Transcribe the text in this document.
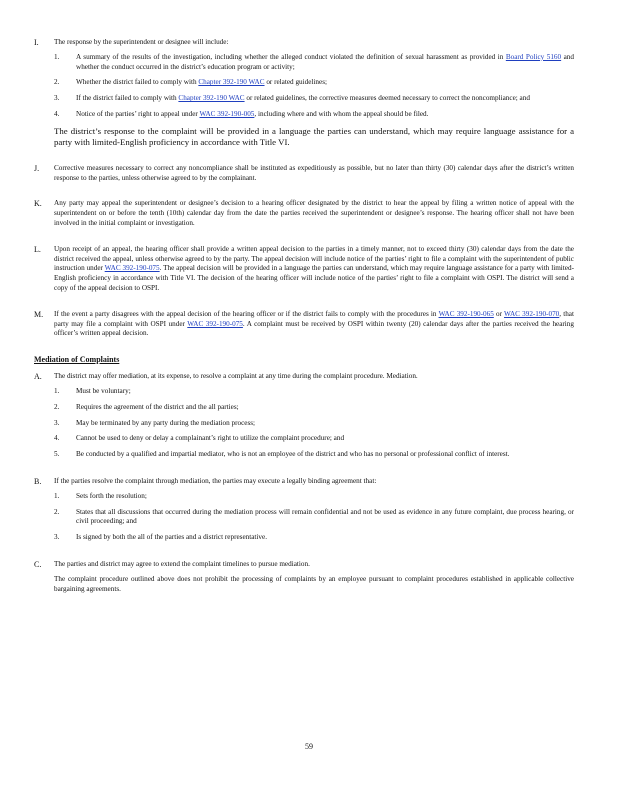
I.	The response by the superintendent or designee will include:

1.	A summary of the results of the investigation, including whether the alleged conduct violated the definition of sexual harassment as provided in Board Policy 5160 and whether the conduct occurred in the district’s education program or activity;
2.	Whether the district failed to comply with Chapter 392-190 WAC or related guidelines;
3.	If the district failed to comply with Chapter 392-190 WAC or related guidelines, the corrective measures deemed necessary to correct the noncompliance; and
4.	Notice of the parties’ right to appeal under WAC 392-190-005, including where and with whom the appeal should be filed.

The district’s response to the complaint will be provided in a language the parties can understand, which may require language assistance for a party with limited-English proficiency in accordance with Title VI.

J.	Corrective measures necessary to correct any noncompliance shall be instituted as expeditiously as possible, but no later than thirty (30) calendar days after the district’s written response to the parties, unless otherwise agreed to by the complainant.

K.	Any party may appeal the superintendent or designee’s decision to a hearing officer designated by the district to hear the appeal by filing a written notice of appeal with the superintendent on or before the tenth (10th) calendar day from the date the parties received the superintendent or designee’s response. The hearing officer shall not have been involved in the initial complaint or investigation.

L.	Upon receipt of an appeal, the hearing officer shall provide a written appeal decision to the parties in a timely manner, not to exceed thirty (30) calendar days from the date the district received the appeal, unless otherwise agreed to by the party. The appeal decision will include notice of the parties’ right to file a complaint with the superintendent of public instruction under WAC 392-190-075. The appeal decision will be provided in a language the parties can understand, which may require language assistance for a party with limited-English proficiency in accordance with Title VI. The decision of the hearing officer will include notice of the parties’ right to file a complaint with OSPI. The district will send a copy of the appeal decision to OSPI.

M.	If the event a party disagrees with the appeal decision of the hearing officer or if the district fails to comply with the procedures in WAC 392-190-065 or WAC 392-190-070, that party may file a complaint with OSPI under WAC 392-190-075. A complaint must be received by OSPI within twenty (20) calendar days after the parties received the hearing officer’s written appeal decision.

Mediation of Complaints
A.	The district may offer mediation, at its expense, to resolve a complaint at any time during the complaint procedure. Mediation.

1.	Must be voluntary;
2.	Requires the agreement of the district and the all parties;
3.	May be terminated by any party during the mediation process;
4.	Cannot be used to deny or delay a complainant’s right to utilize the complaint procedure; and
5.	Be conducted by a qualified and impartial mediator, who is not an employee of the district and who has no personal or professional conflict of interest.
B.	If the parties resolve the complaint through mediation, the parties may execute a legally binding agreement that:

1.	Sets forth the resolution;
2.	States that all discussions that occurred during the mediation process will remain confidential and not be used as evidence in any future complaint, due process hearing, or civil proceeding; and
3.	Is signed by both the all of the parties and a district representative.
C.	The parties and district may agree to extend the complaint timelines to pursue mediation.

The complaint procedure outlined above does not prohibit the processing of complaints by an employee pursuant to complaint procedures established in applicable collective bargaining agreements.

59
